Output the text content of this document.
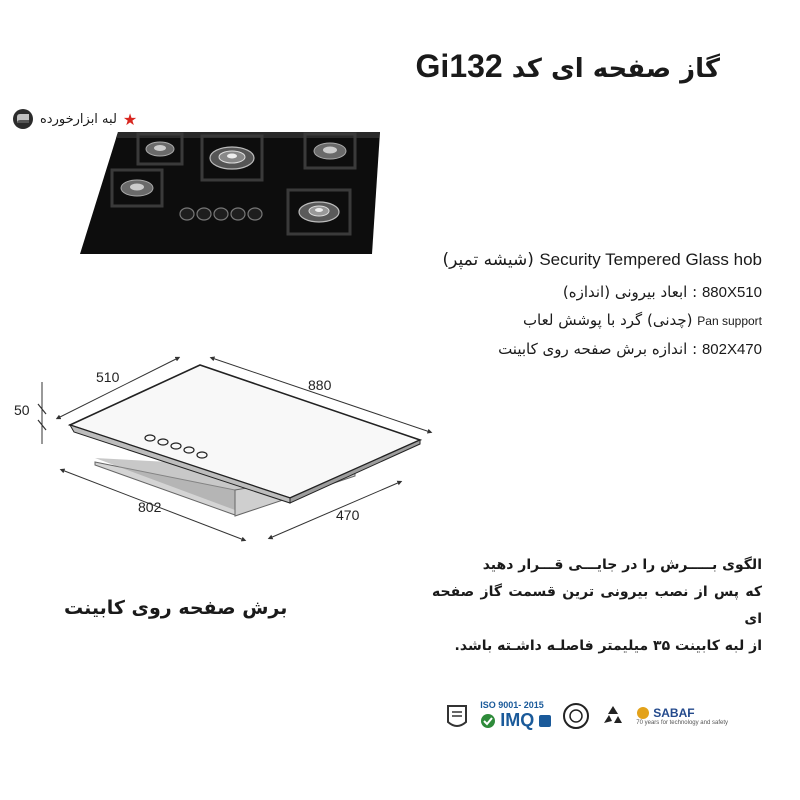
گاز صفحه ای کد Gi132
★
لبه ابزارخورده
Security Tempered Glass hob (شیشه تمپر)
880X510 : ابعاد بیرونی (اندازه)
Pan support (چدنی) گرد با پوشش لعاب
802X470 : اندازه برش صفحه روی کابینت
510	880
50
802	470
برش صفحه روی کابینت
الگوی بـــــرش را در جایـــی قـــرار دهید
که پس از نصب بیرونی ترین قسمت گاز صفحه ای
از لبه کابینت ۳۵ میلیمتر فاصلـه داشـته باشد.
ISO 9001- 2015
IMQ	SABAF
70 years for technology and safety
